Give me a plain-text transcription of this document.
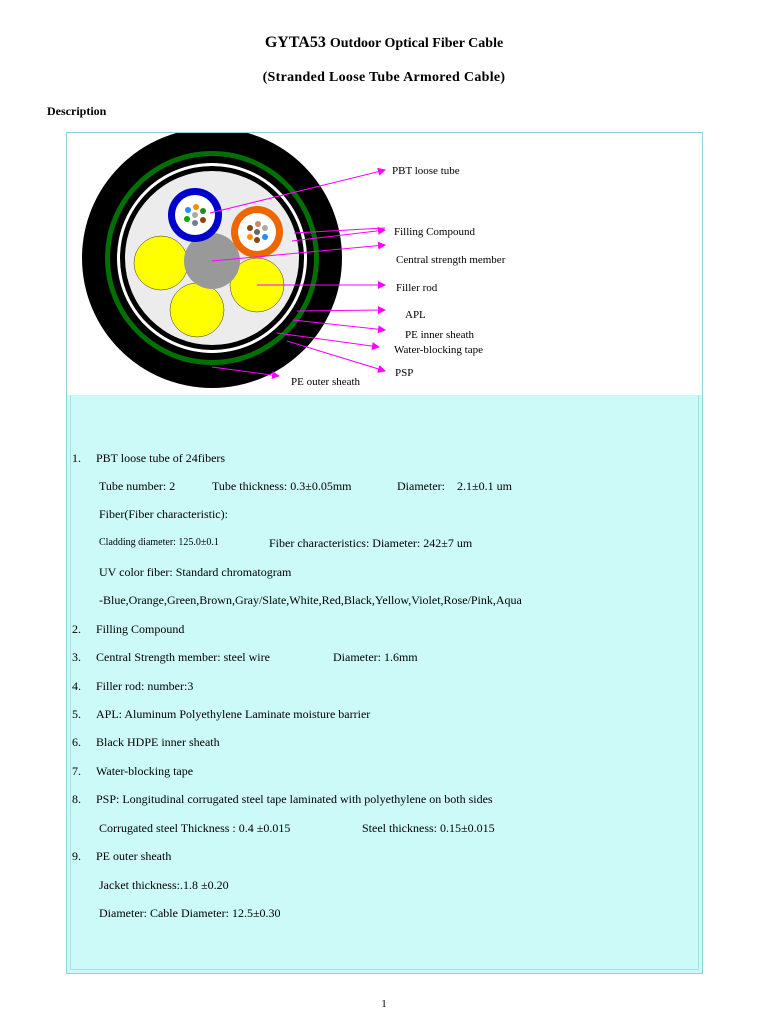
GYTA53 Outdoor Optical Fiber Cable
(Stranded Loose Tube Armored Cable)
Description
PBT loose tube
Filling Compound
Central strength member
Filler rod
APL
PE inner sheath
Water-blocking tape
PSP
PE outer sheath
1. PBT loose tube of 24fibers
Tube number: 2	Tube thickness: 0.3±0.05mm	Diameter:    2.1±0.1 um
Fiber(Fiber characteristic):
Cladding diameter: 125.0±0.1	Fiber characteristics: Diameter: 242±7 um
UV color fiber: Standard chromatogram
-Blue,Orange,Green,Brown,Gray/Slate,White,Red,Black,Yellow,Violet,Rose/Pink,Aqua
2. Filling Compound
3. Central Strength member: steel wire	Diameter: 1.6mm
4. Filler rod: number:3
5. APL: Aluminum Polyethylene Laminate moisture barrier
6. Black HDPE inner sheath
7. Water-blocking tape
8. PSP: Longitudinal corrugated steel tape laminated with polyethylene on both sides
Corrugated steel Thickness : 0.4 ±0.015	Steel thickness: 0.15±0.015
9. PE outer sheath
Jacket thickness:.1.8 ±0.20
Diameter: Cable Diameter: 12.5±0.30
1
